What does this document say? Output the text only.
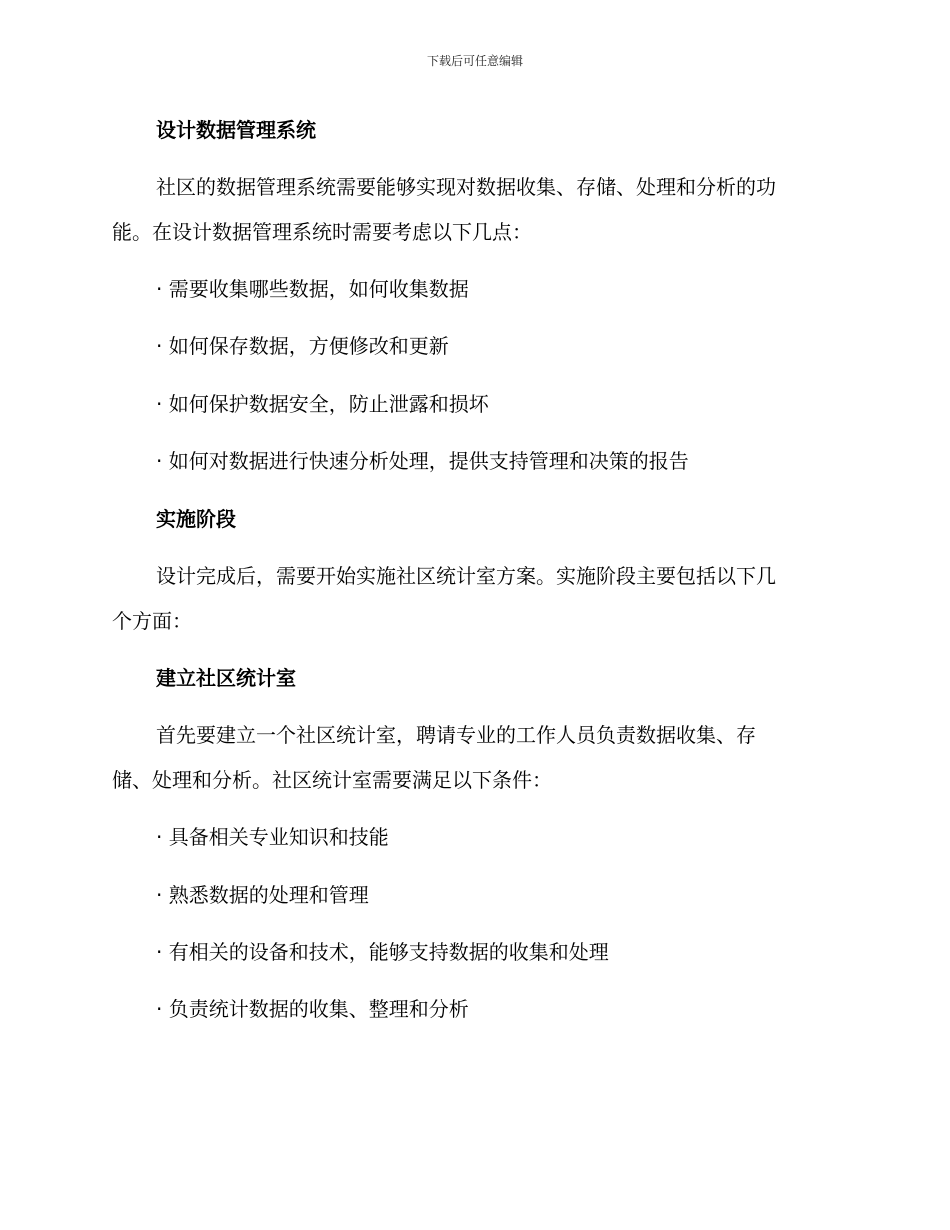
下载后可任意编辑
设计数据管理系统
社区的数据管理系统需要能够实现对数据收集、存储、处理和分析的功
能。在设计数据管理系统时需要考虑以下几点：
· 需要收集哪些数据，如何收集数据
· 如何保存数据，方便修改和更新
· 如何保护数据安全，防止泄露和损坏
· 如何对数据进行快速分析处理，提供支持管理和决策的报告
实施阶段
设计完成后，需要开始实施社区统计室方案。实施阶段主要包括以下几
个方面：
建立社区统计室
首先要建立一个社区统计室，聘请专业的工作人员负责数据收集、存
储、处理和分析。社区统计室需要满足以下条件：
· 具备相关专业知识和技能
· 熟悉数据的处理和管理
· 有相关的设备和技术，能够支持数据的收集和处理
· 负责统计数据的收集、整理和分析
